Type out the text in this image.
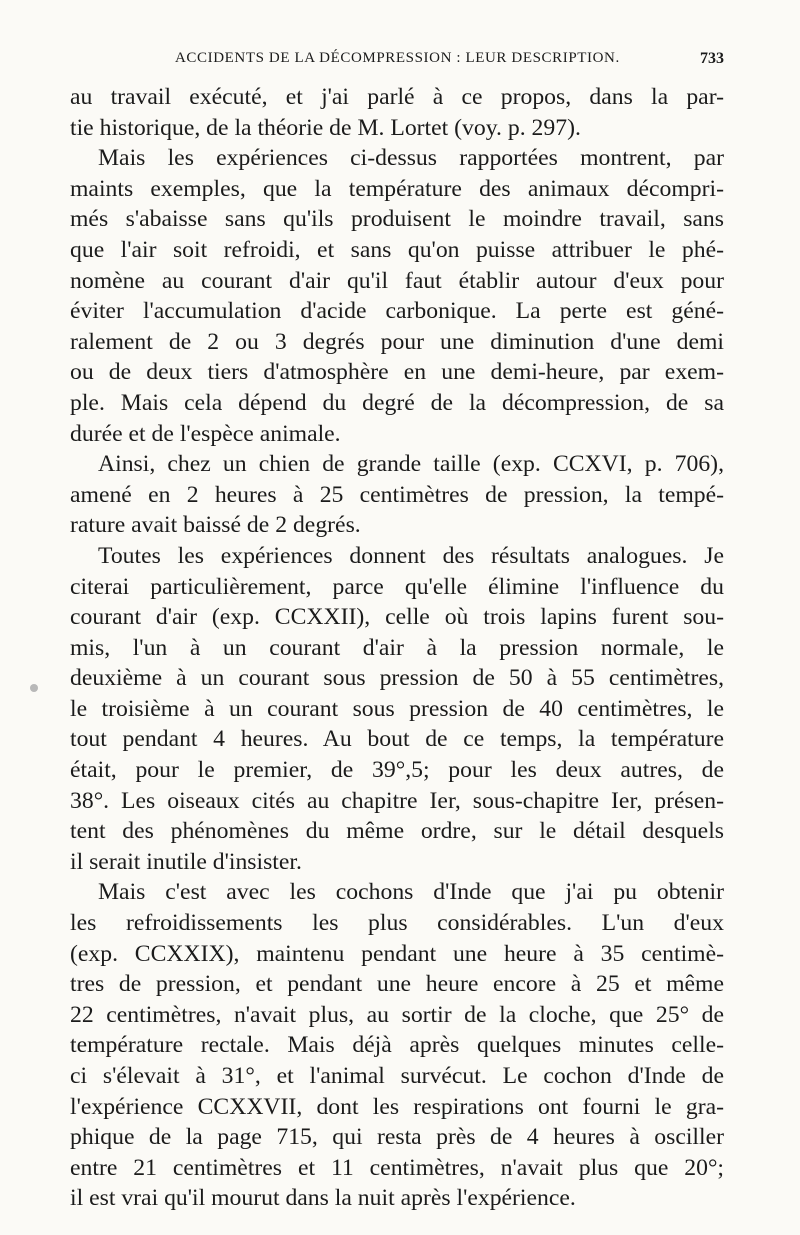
ACCIDENTS DE LA DÉCOMPRESSION : LEUR DESCRIPTION.	733
au travail exécuté, et j'ai parlé à ce propos, dans la par-
tie historique, de la théorie de M. Lortet (voy. p. 297).
Mais les expériences ci-dessus rapportées montrent, par
maints exemples, que la température des animaux décompri-
més s'abaisse sans qu'ils produisent le moindre travail, sans
que l'air soit refroidi, et sans qu'on puisse attribuer le phé-
nomène au courant d'air qu'il faut établir autour d'eux pour
éviter l'accumulation d'acide carbonique. La perte est géné-
ralement de 2 ou 3 degrés pour une diminution d'une demi
ou de deux tiers d'atmosphère en une demi-heure, par exem-
ple. Mais cela dépend du degré de la décompression, de sa
durée et de l'espèce animale.
Ainsi, chez un chien de grande taille (exp. CCXVI, p. 706),
amené en 2 heures à 25 centimètres de pression, la tempé-
rature avait baissé de 2 degrés.
Toutes les expériences donnent des résultats analogues. Je
citerai particulièrement, parce qu'elle élimine l'influence du
courant d'air (exp. CCXXII), celle où trois lapins furent sou-
mis, l'un à un courant d'air à la pression normale, le
deuxième à un courant sous pression de 50 à 55 centimètres,
le troisième à un courant sous pression de 40 centimètres, le
tout pendant 4 heures. Au bout de ce temps, la température
était, pour le premier, de 39°,5; pour les deux autres, de
38°. Les oiseaux cités au chapitre Ier, sous-chapitre Ier, présen-
tent des phénomènes du même ordre, sur le détail desquels
il serait inutile d'insister.
Mais c'est avec les cochons d'Inde que j'ai pu obtenir
les refroidissements les plus considérables. L'un d'eux
(exp. CCXXIX), maintenu pendant une heure à 35 centimè-
tres de pression, et pendant une heure encore à 25 et même
22 centimètres, n'avait plus, au sortir de la cloche, que 25° de
température rectale. Mais déjà après quelques minutes celle-
ci s'élevait à 31°, et l'animal survécut. Le cochon d'Inde de
l'expérience CCXXVII, dont les respirations ont fourni le gra-
phique de la page 715, qui resta près de 4 heures à osciller
entre 21 centimètres et 11 centimètres, n'avait plus que 20°;
il est vrai qu'il mourut dans la nuit après l'expérience.
